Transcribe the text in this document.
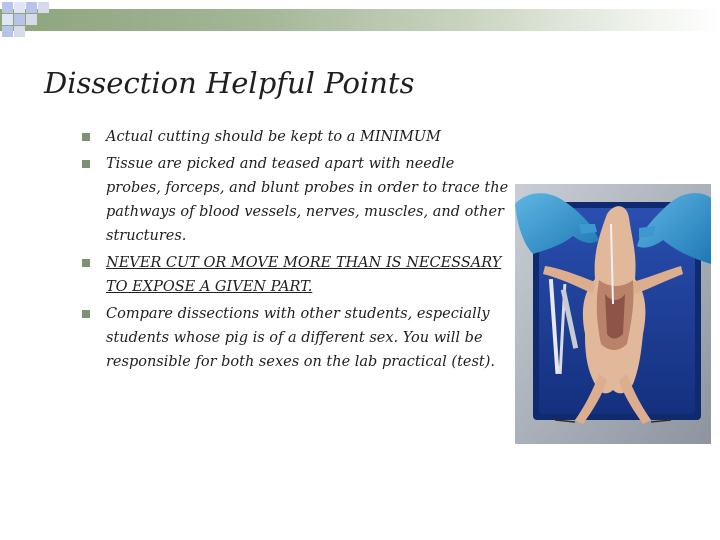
Dissection Helpful Points
Actual cutting should be kept to a MINIMUM
Tissue are picked and teased apart with needle probes, forceps, and blunt probes in order to trace the pathways of blood vessels, nerves, muscles, and other structures.
NEVER CUT OR MOVE MORE THAN IS NECESSARY TO EXPOSE A GIVEN PART.
Compare dissections with other students, especially students whose pig is of a different sex. You will be responsible for both sexes on the lab practical (test).
